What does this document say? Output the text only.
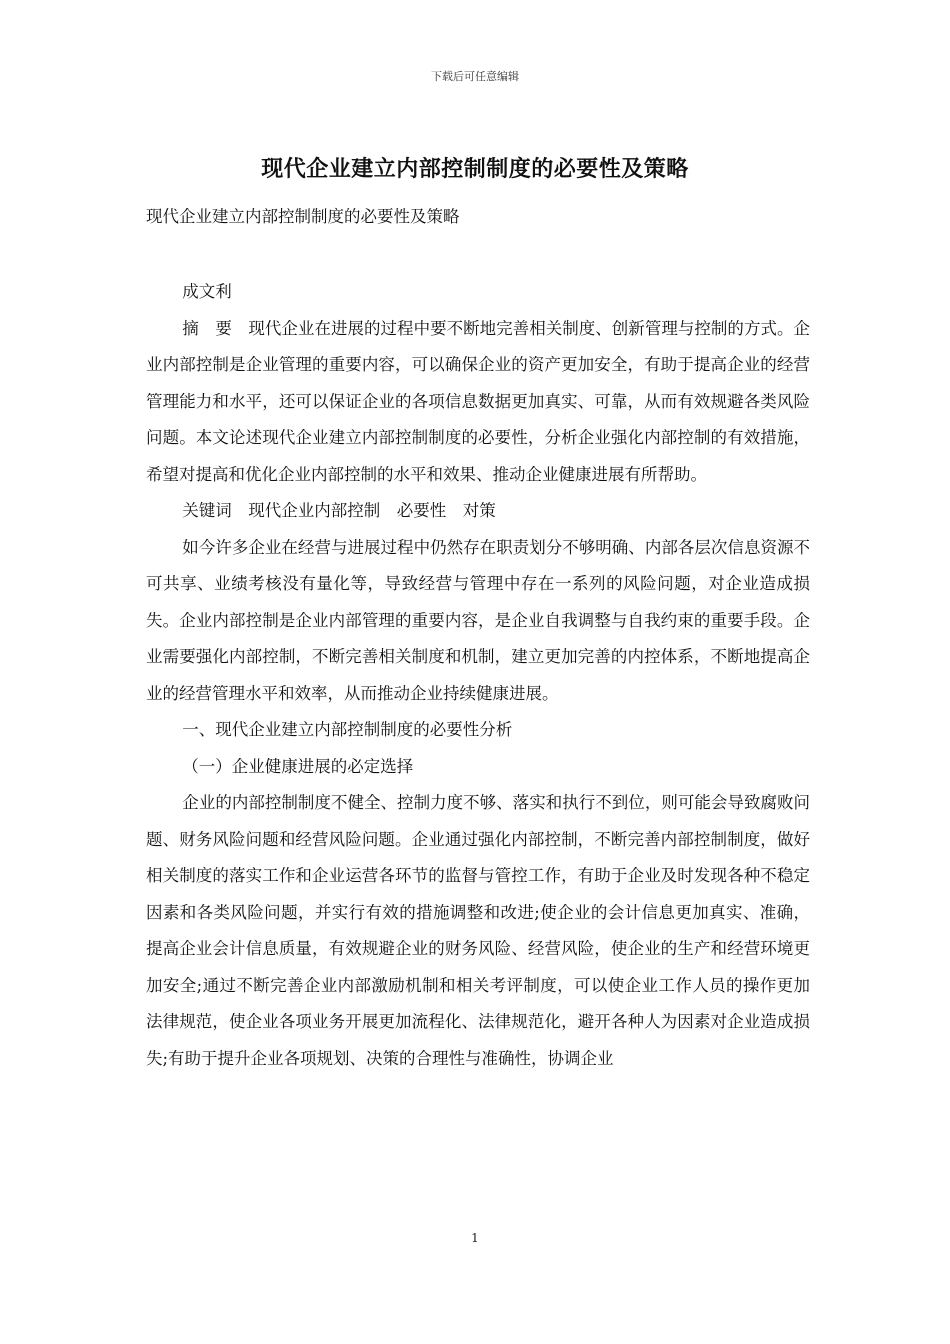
下载后可任意编辑
现代企业建立内部控制制度的必要性及策略
现代企业建立内部控制制度的必要性及策略

成文利

摘　要　现代企业在进展的过程中要不断地完善相关制度、创新管理与控制的方式。企业内部控制是企业管理的重要内容，可以确保企业的资产更加安全，有助于提高企业的经营管理能力和水平，还可以保证企业的各项信息数据更加真实、可靠，从而有效规避各类风险问题。本文论述现代企业建立内部控制制度的必要性，分析企业强化内部控制的有效措施，希望对提高和优化企业内部控制的水平和效果、推动企业健康进展有所帮助。

关键词　现代企业内部控制　必要性　对策

如今许多企业在经营与进展过程中仍然存在职责划分不够明确、内部各层次信息资源不可共享、业绩考核没有量化等，导致经营与管理中存在一系列的风险问题，对企业造成损失。企业内部控制是企业内部管理的重要内容，是企业自我调整与自我约束的重要手段。企业需要强化内部控制，不断完善相关制度和机制，建立更加完善的内控体系，不断地提高企业的经营管理水平和效率，从而推动企业持续健康进展。

一、现代企业建立内部控制制度的必要性分析

（一）企业健康进展的必定选择

企业的内部控制制度不健全、控制力度不够、落实和执行不到位，则可能会导致腐败问题、财务风险问题和经营风险问题。企业通过强化内部控制，不断完善内部控制制度，做好相关制度的落实工作和企业运营各环节的监督与管控工作，有助于企业及时发现各种不稳定因素和各类风险问题，并实行有效的措施调整和改进;使企业的会计信息更加真实、准确，提高企业会计信息质量，有效规避企业的财务风险、经营风险，使企业的生产和经营环境更加安全;通过不断完善企业内部激励机制和相关考评制度，可以使企业工作人员的操作更加法律规范，使企业各项业务开展更加流程化、法律规范化，避开各种人为因素对企业造成损失;有助于提升企业各项规划、决策的合理性与准确性，协调企业

1
